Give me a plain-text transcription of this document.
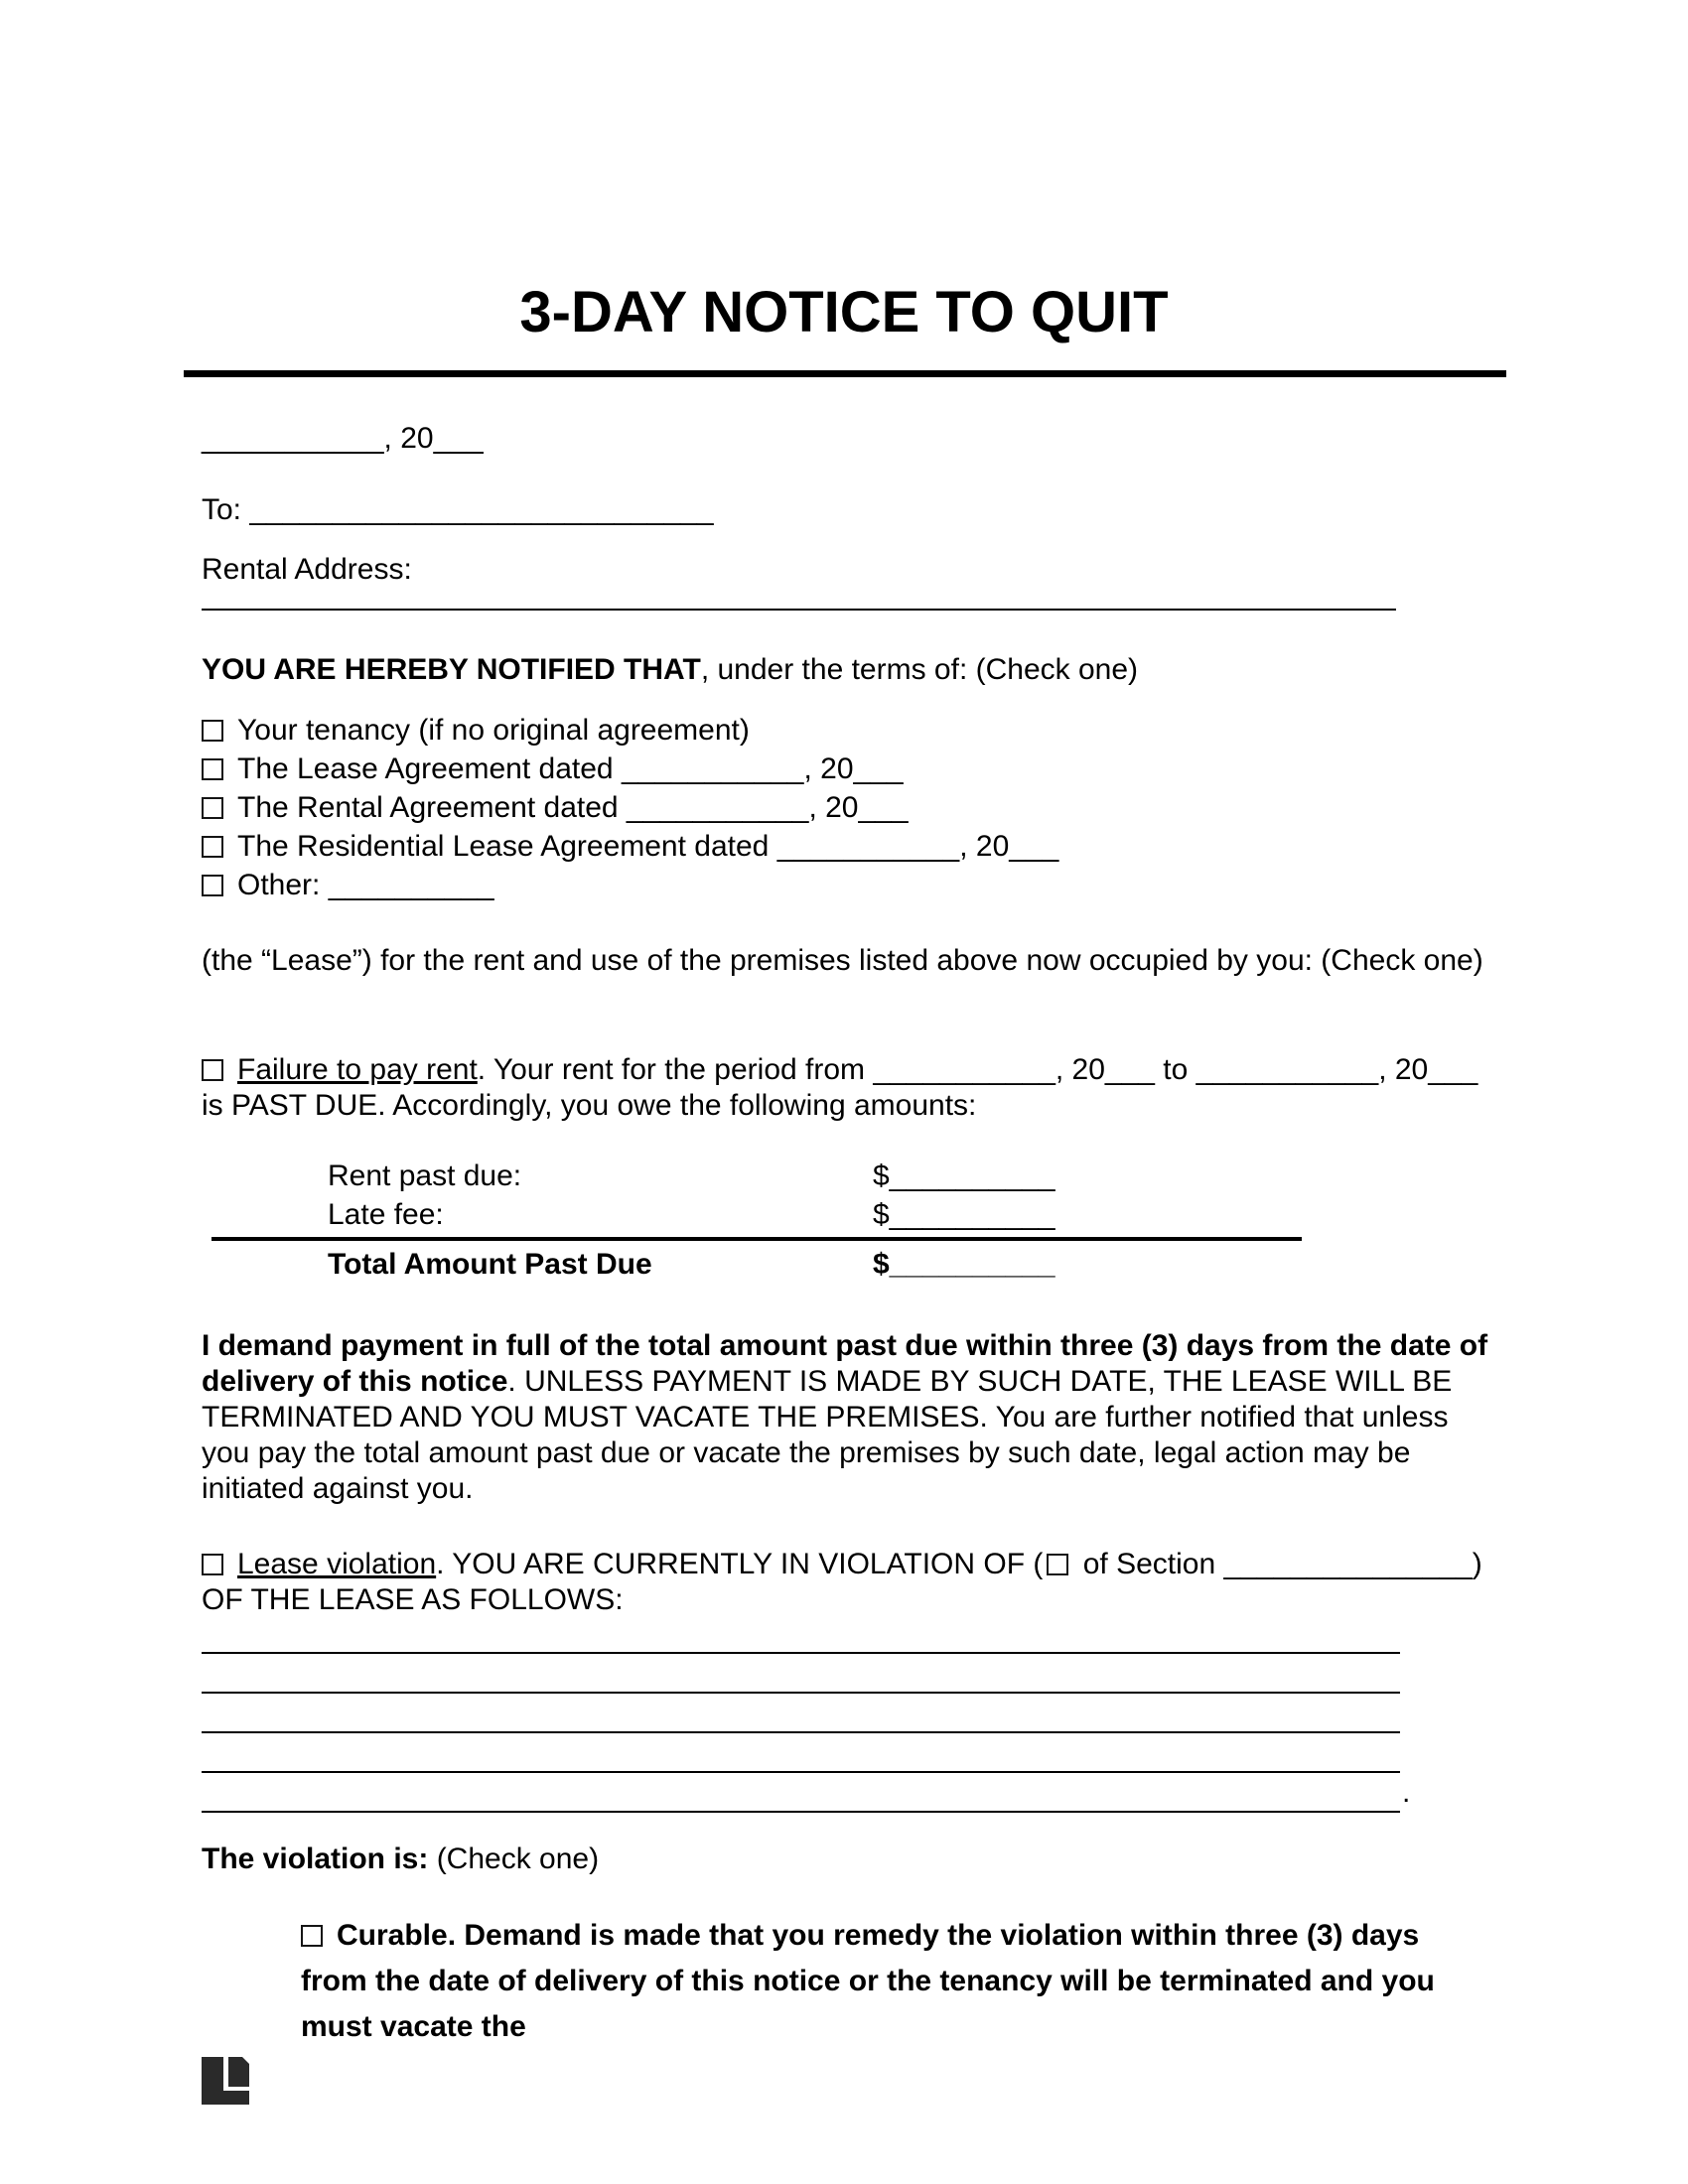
3-DAY NOTICE TO QUIT
___________, 20___
To: ____________________________
Rental Address:
YOU ARE HEREBY NOTIFIED THAT, under the terms of: (Check one)
Your tenancy (if no original agreement)
The Lease Agreement dated ___________, 20___
The Rental Agreement dated ___________, 20___
The Residential Lease Agreement dated ___________, 20___
Other: __________
(the “Lease”) for the rent and use of the premises listed above now occupied by you: (Check one)
Failure to pay rent. Your rent for the period from ___________, 20___ to ___________, 20___ is PAST DUE. Accordingly, you owe the following amounts:
Rent past due:	$__________
Late fee:	$__________
Total Amount Past Due	$__________
I demand payment in full of the total amount past due within three (3) days from the date of delivery of this notice. UNLESS PAYMENT IS MADE BY SUCH DATE, THE LEASE WILL BE TERMINATED AND YOU MUST VACATE THE PREMISES. You are further notified that unless you pay the total amount past due or vacate the premises by such date, legal action may be initiated against you.
Lease violation. YOU ARE CURRENTLY IN VIOLATION OF ( of Section _______________) OF THE LEASE AS FOLLOWS:
.
The violation is: (Check one)
Curable. Demand is made that you remedy the violation within three (3) days from the date of delivery of this notice or the tenancy will be terminated and you must vacate the
